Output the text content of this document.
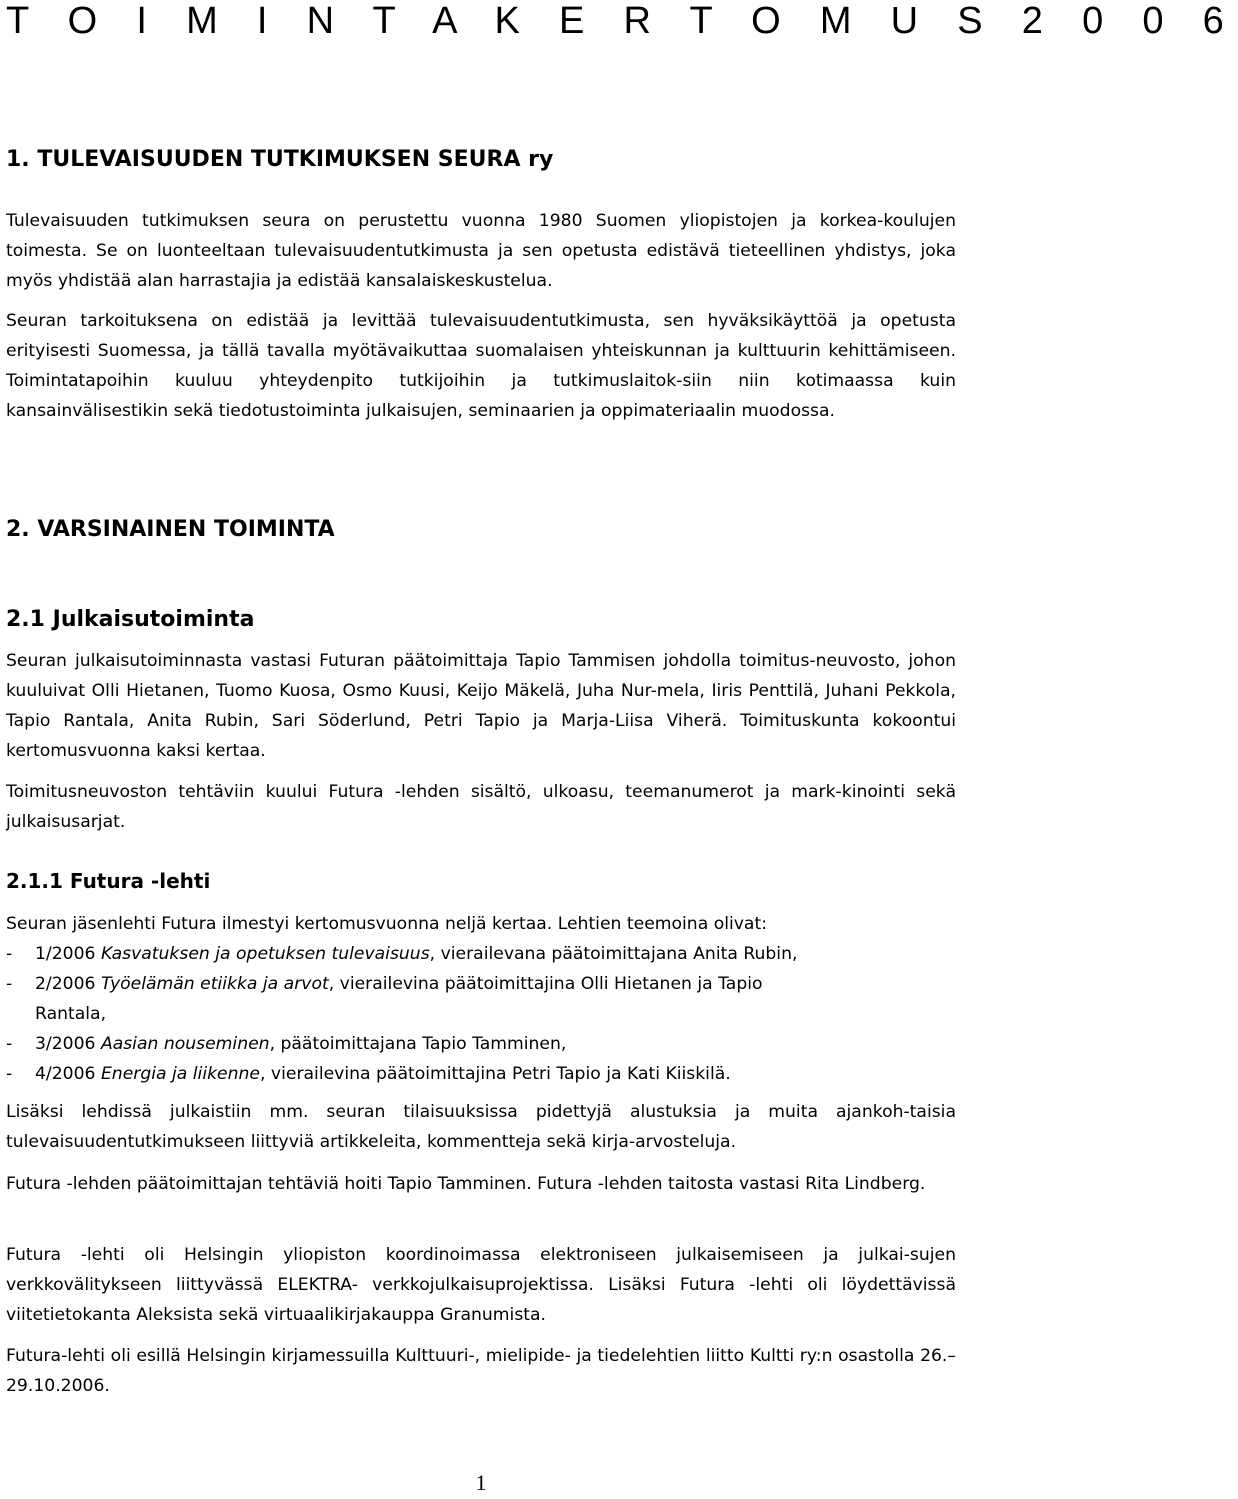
T O I M I N T A K E R T O M U S 2 0 0 6
1. TULEVAISUUDEN TUTKIMUKSEN SEURA ry
Tulevaisuuden tutkimuksen seura on perustettu vuonna 1980 Suomen yliopistojen ja korkea-koulujen toimesta. Se on luonteeltaan tulevaisuudentutkimusta ja sen opetusta edistävä tieteellinen yhdistys, joka myös yhdistää alan harrastajia ja edistää kansalaiskeskustelua.
Seuran tarkoituksena on edistää ja levittää tulevaisuudentutkimusta, sen hyväksikäyttöä ja opetusta erityisesti Suomessa, ja tällä tavalla myötävaikuttaa suomalaisen yhteiskunnan ja kulttuurin kehittämiseen. Toimintatapoihin kuuluu yhteydenpito tutkijoihin ja tutkimuslaitok-siin niin kotimaassa kuin kansainvälisestikin sekä tiedotustoiminta julkaisujen, seminaarien ja oppimateriaalin muodossa.
2. VARSINAINEN TOIMINTA
2.1 Julkaisutoiminta
Seuran julkaisutoiminnasta vastasi Futuran päätoimittaja Tapio Tammisen johdolla toimitus-neuvosto, johon kuuluivat Olli Hietanen, Tuomo Kuosa, Osmo Kuusi, Keijo Mäkelä, Juha Nur-mela, Iiris Penttilä, Juhani Pekkola, Tapio Rantala, Anita Rubin, Sari Söderlund, Petri Tapio ja Marja-Liisa Viherä. Toimituskunta kokoontui kertomusvuonna kaksi kertaa.
Toimitusneuvoston tehtäviin kuului Futura -lehden sisältö, ulkoasu, teemanumerot ja mark-kinointi sekä julkaisusarjat.
2.1.1 Futura -lehti
Seuran jäsenlehti Futura ilmestyi kertomusvuonna neljä kertaa. Lehtien teemoina olivat:
- 1/2006 Kasvatuksen ja opetuksen tulevaisuus, vierailevana päätoimittajana Anita Rubin,
- 2/2006 Työelämän etiikka ja arvot, vierailevina päätoimittajina Olli Hietanen ja Tapio
Rantala,
- 3/2006 Aasian nouseminen, päätoimittajana Tapio Tamminen,
- 4/2006 Energia ja liikenne, vierailevina päätoimittajina Petri Tapio ja Kati Kiiskilä.
Lisäksi lehdissä julkaistiin mm. seuran tilaisuuksissa pidettyjä alustuksia ja muita ajankoh-taisia tulevaisuudentutkimukseen liittyviä artikkeleita, kommentteja sekä kirja-arvosteluja.
Futura -lehden päätoimittajan tehtäviä hoiti Tapio Tamminen. Futura -lehden taitosta vastasi Rita Lindberg.
Futura -lehti oli Helsingin yliopiston koordinoimassa elektroniseen julkaisemiseen ja julkai-sujen verkkovälitykseen liittyvässä ELEKTRA- verkkojulkaisuprojektissa. Lisäksi Futura -lehti oli löydettävissä viitetietokanta Aleksista sekä virtuaalikirjakauppa Granumista.
Futura-lehti oli esillä Helsingin kirjamessuilla Kulttuuri-, mielipide- ja tiedelehtien liitto Kultti ry:n osastolla 26.–29.10.2006.
1
